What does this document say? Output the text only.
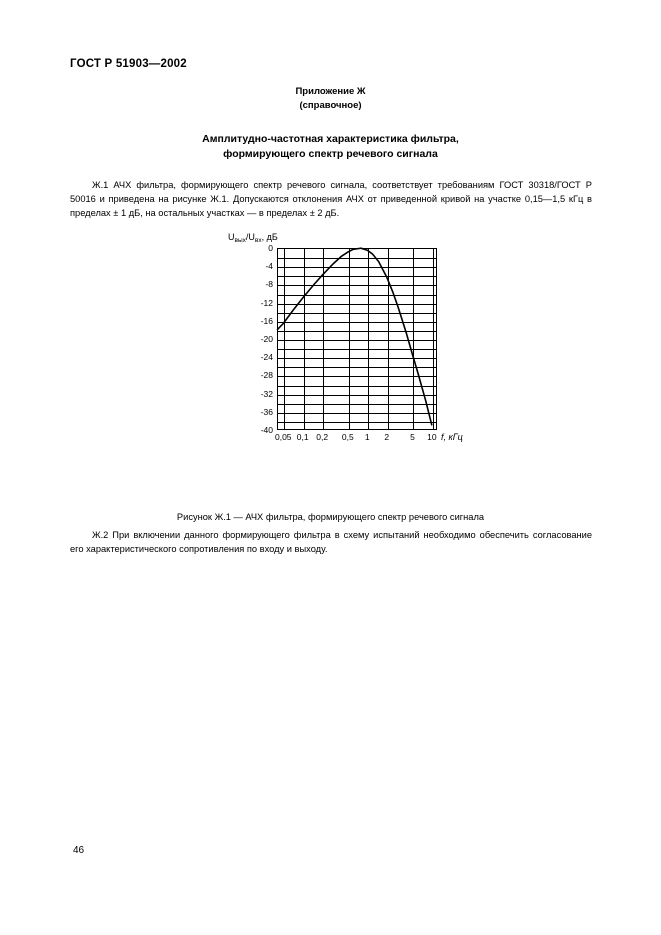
ГОСТ Р 51903—2002
Приложение Ж
(справочное)
Амплитудно-частотная характеристика фильтра,
формирующего спектр речевого сигнала
Ж.1 АЧХ фильтра, формирующего спектр речевого сигнала, соответствует требованиям ГОСТ 30318/ГОСТ Р 50016 и приведена на рисунке Ж.1. Допускаются отклонения АЧХ от приведенной кривой на участке 0,15—1,5 кГц в пределах ± 1 дБ, на остальных участках — в пределах ± 2 дБ.
$U_{вых}/U_{вх}$, дБ
0
-4
-8
-12
-16
-20
-24
-28
-32
-36
-40
0,05 0,1 0,2 0,5 1 2 5 10 f, кГц
Рисунок Ж.1 — АЧХ фильтра, формирующего спектр речевого сигнала
Ж.2 При включении данного формирующего фильтра в схему испытаний необходимо обеспечить согласование его характеристического сопротивления по входу и выходу.
46
